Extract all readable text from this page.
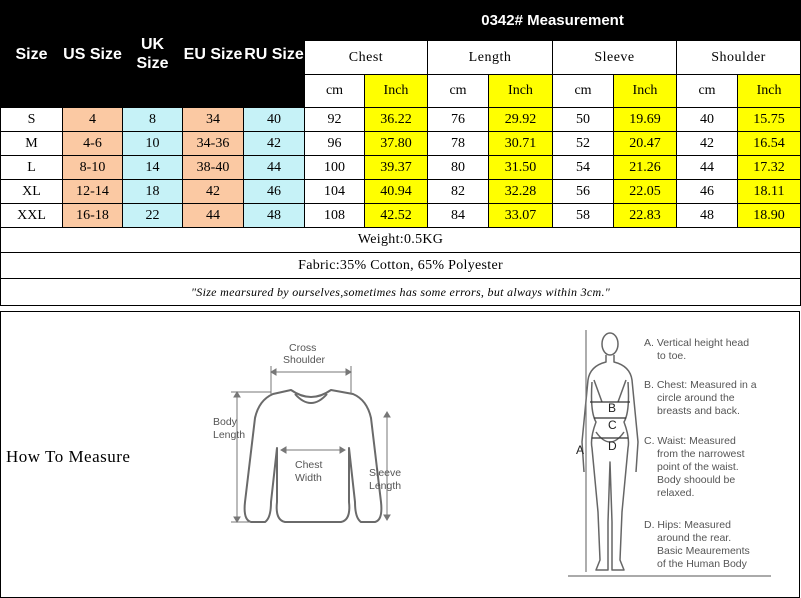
Size	US Size	UK Size	EU Size	RU Size	0342# Measurement							
					Chest		Length		Sleeve		Shoulder	
					cm	Inch	cm	Inch	cm	Inch	cm	Inch
S	4	8	34	40	92	36.22	76	29.92	50	19.69	40	15.75
M	4-6	10	34-36	42	96	37.80	78	30.71	52	20.47	42	16.54
L	8-10	14	38-40	44	100	39.37	80	31.50	54	21.26	44	17.32
XL	12-14	18	42	46	104	40.94	82	32.28	56	22.05	46	18.11
XXL	16-18	22	44	48	108	42.52	84	33.07	58	22.83	48	18.90
Weight:0.5KG												
Fabric:35% Cotton, 65% Polyester												
"Size mearsured by ourselves,sometimes has some errors, but always within 3cm."												
How To Measure
Cross
Shoulder
Body
Length
Chest
Width	Sleeve
Length
B
C
D
A
A. Vertical height head
to toe.
B. Chest: Measured in a
circle around the
breasts and back.
C. Waist: Measured
from the narrowest
point of the waist.
Body shoould be
relaxed.
D. Hips: Measured
around the rear.
Basic Meaurements
of the Human Body
